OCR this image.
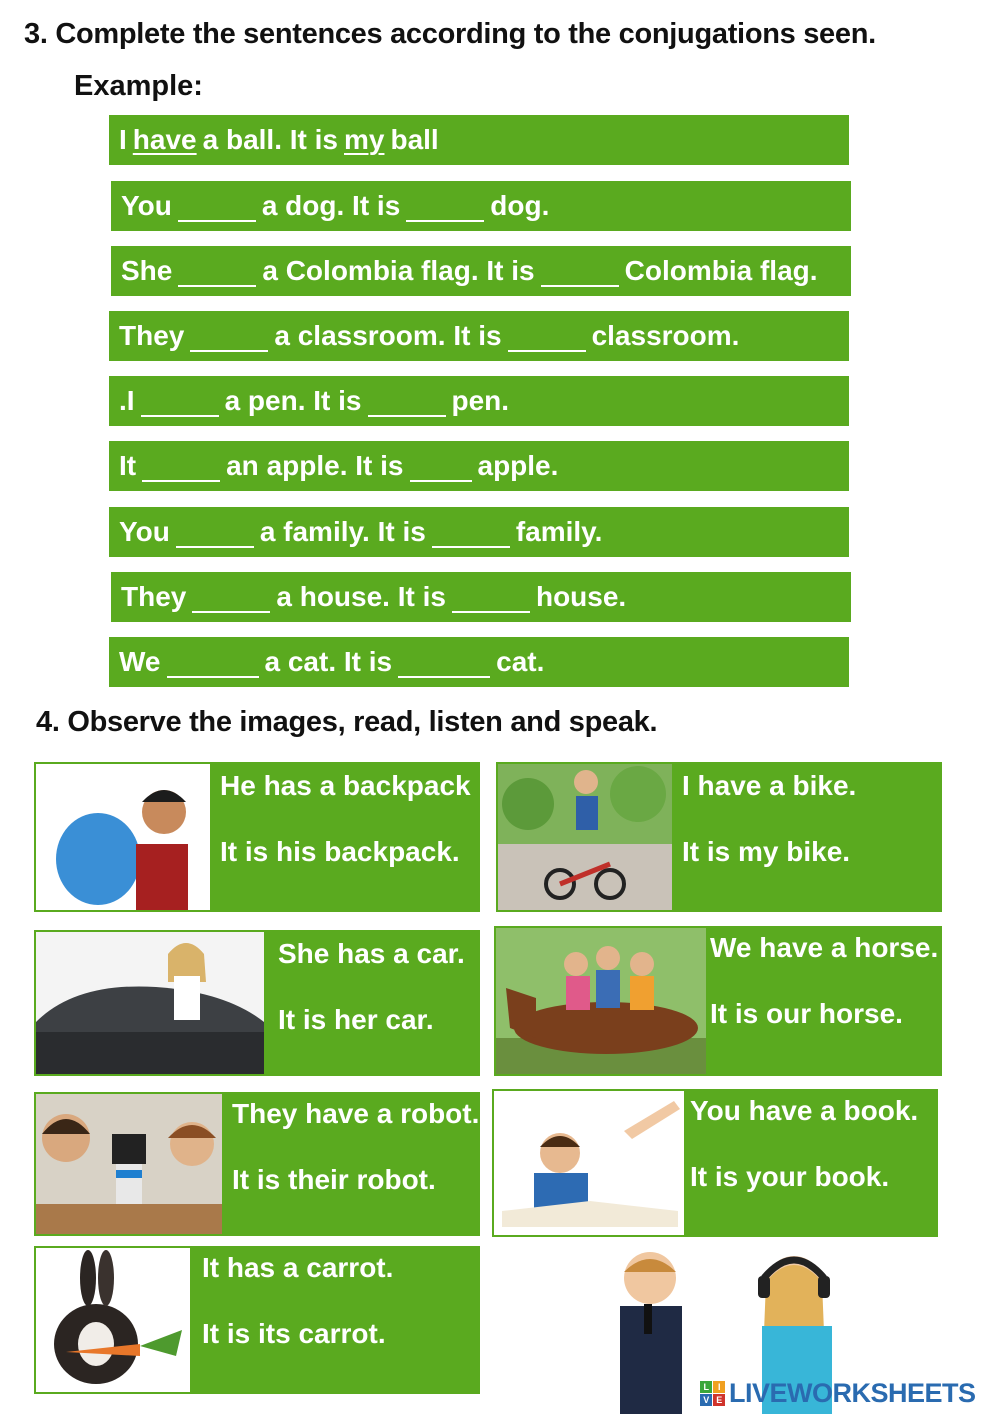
3. Complete the sentences according to the conjugations seen.
Example:
I have a ball. It is my ball
You	a dog. It is	dog.
She	a Colombia flag. It is	Colombia flag.
They	a classroom. It is	classroom.
.I	a pen. It is	pen.
It	an apple. It is	apple.
You	a family. It is	family.
They	a house. It is	house.
We	a cat. It is	cat.
4. Observe the images, read, listen and speak.
He has a backpack
It is his backpack.
I have a bike.
It is my bike.
She has a car.
It is her car.
We have a horse.
It is our horse.
They have a robot.
It is their robot.
You have a book.
It is your book.
It has a carrot.
It is its carrot.
L	I
V E LIVEWORKSHEETS
